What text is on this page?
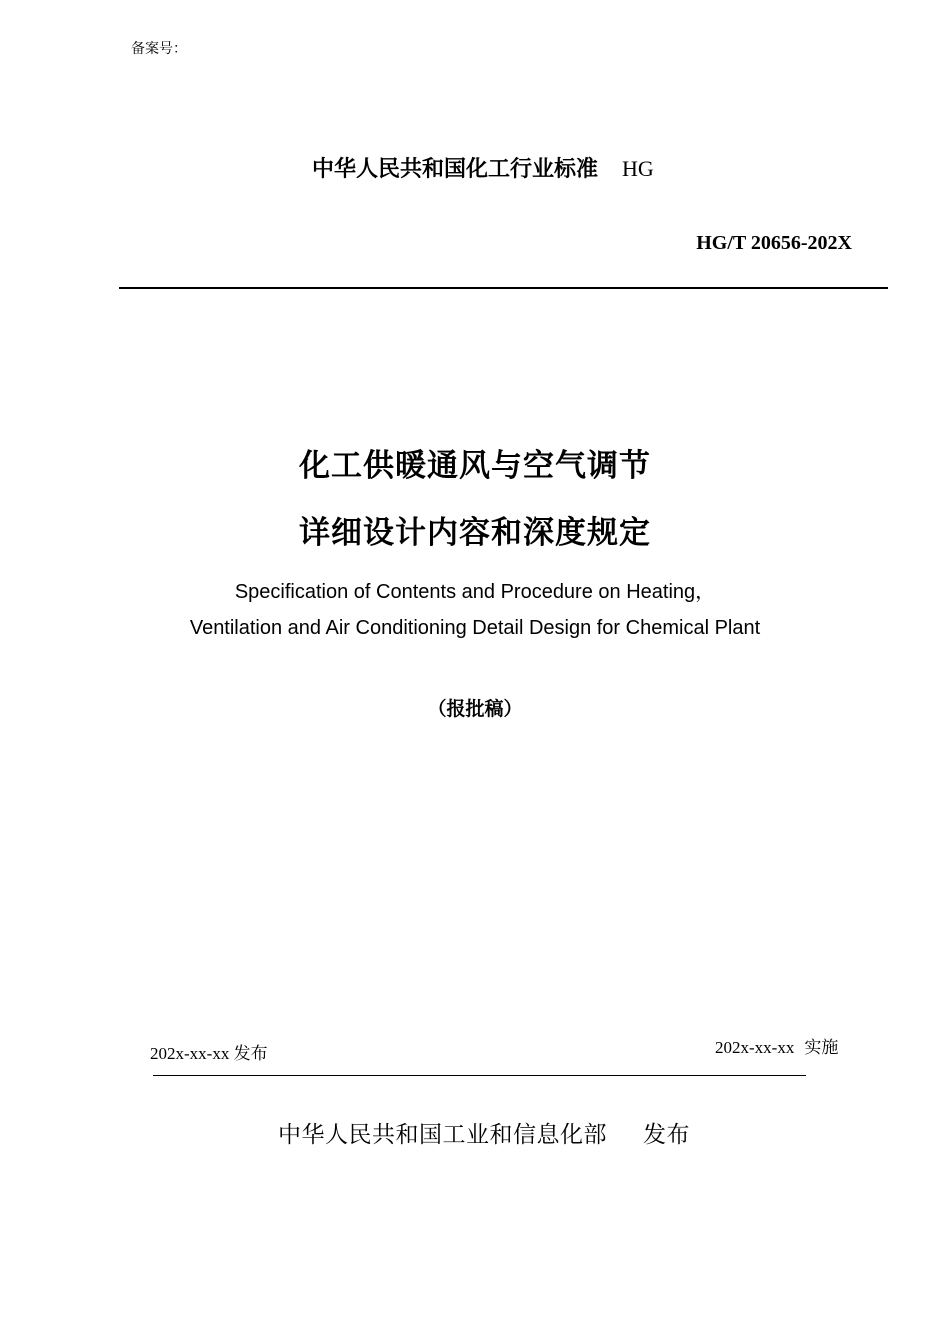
备案号：
中华人民共和国化工行业标准 HG
HG/T 20656-202X
化工供暖通风与空气调节
详细设计内容和深度规定
Specification of Contents and Procedure on Heating，
Ventilation and Air Conditioning Detail Design for Chemical Plant
（报批稿）
202x-xx-xx 发布	202x-xx-xx 实施
中华人民共和国工业和信息化部 发布
